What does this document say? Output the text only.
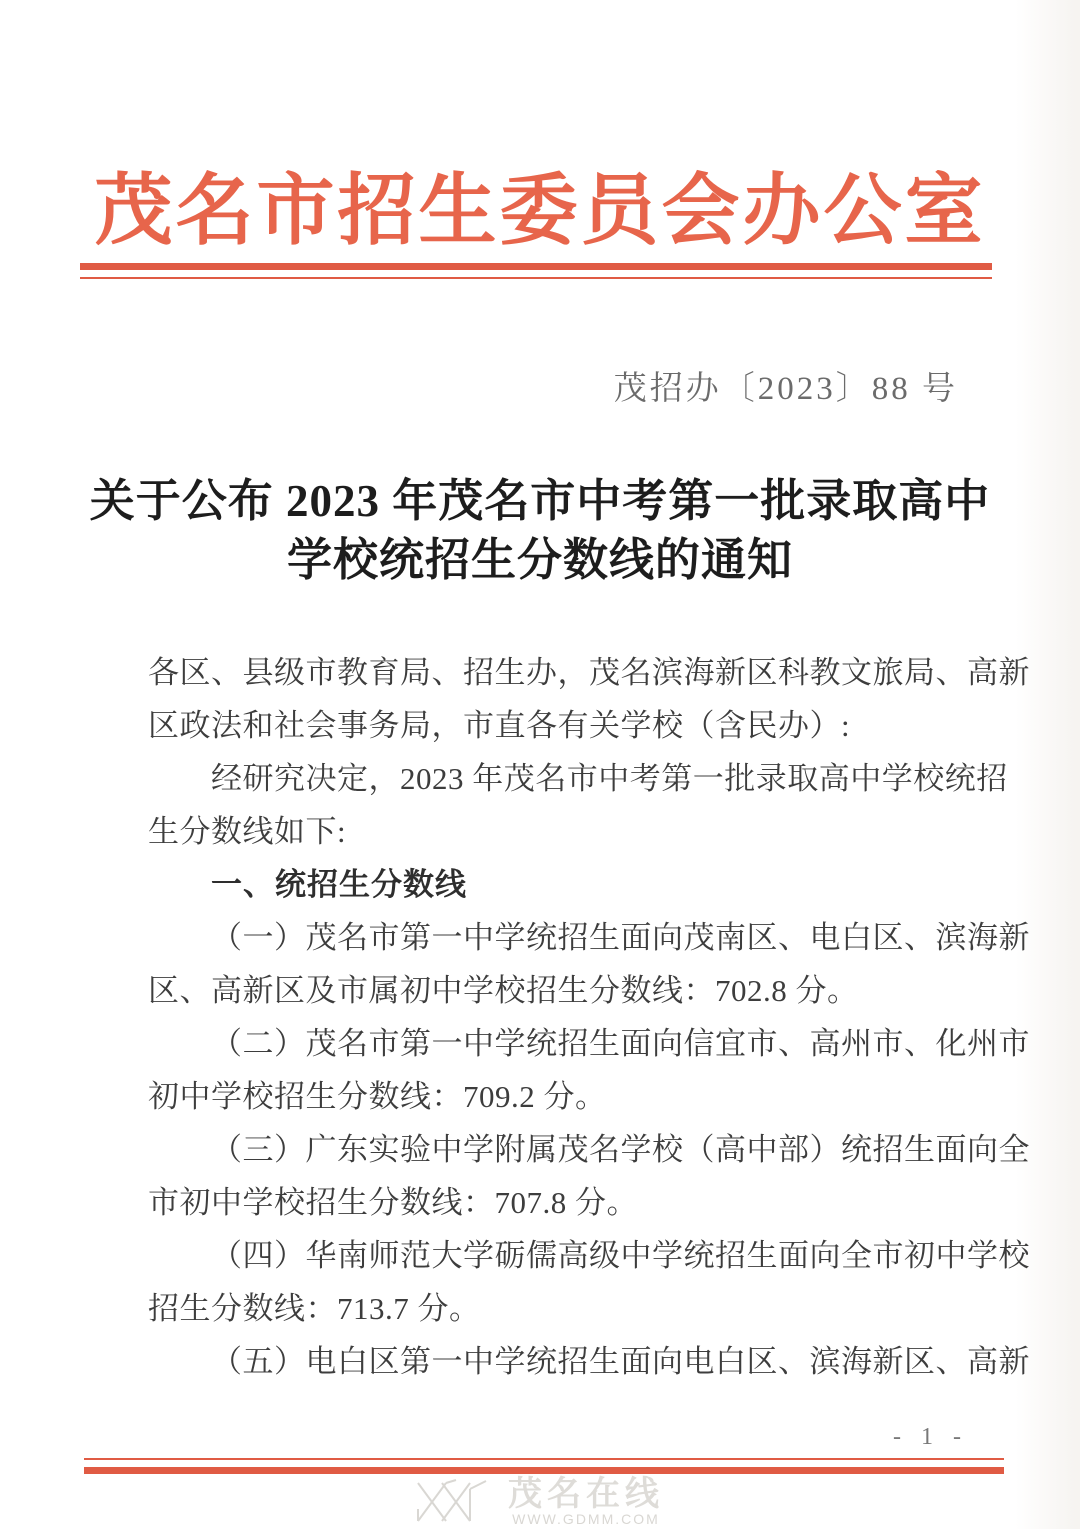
茂名市招生委员会办公室
茂招办〔2023〕88 号
关于公布 2023 年茂名市中考第一批录取高中
学校统招生分数线的通知
各区、县级市教育局、招生办，茂名滨海新区科教文旅局、高新
区政法和社会事务局，市直各有关学校（含民办）:
经研究决定，2023 年茂名市中考第一批录取高中学校统招
生分数线如下:
一、统招生分数线
（一）茂名市第一中学统招生面向茂南区、电白区、滨海新
区、高新区及市属初中学校招生分数线：702.8 分。
（二）茂名市第一中学统招生面向信宜市、高州市、化州市
初中学校招生分数线：709.2 分。
（三）广东实验中学附属茂名学校（高中部）统招生面向全
市初中学校招生分数线：707.8 分。
（四）华南师范大学砺儒高级中学统招生面向全市初中学校
招生分数线：713.7 分。
（五）电白区第一中学统招生面向电白区、滨海新区、高新
- 1 -
茂名在线
WWW.GDMM.COM
